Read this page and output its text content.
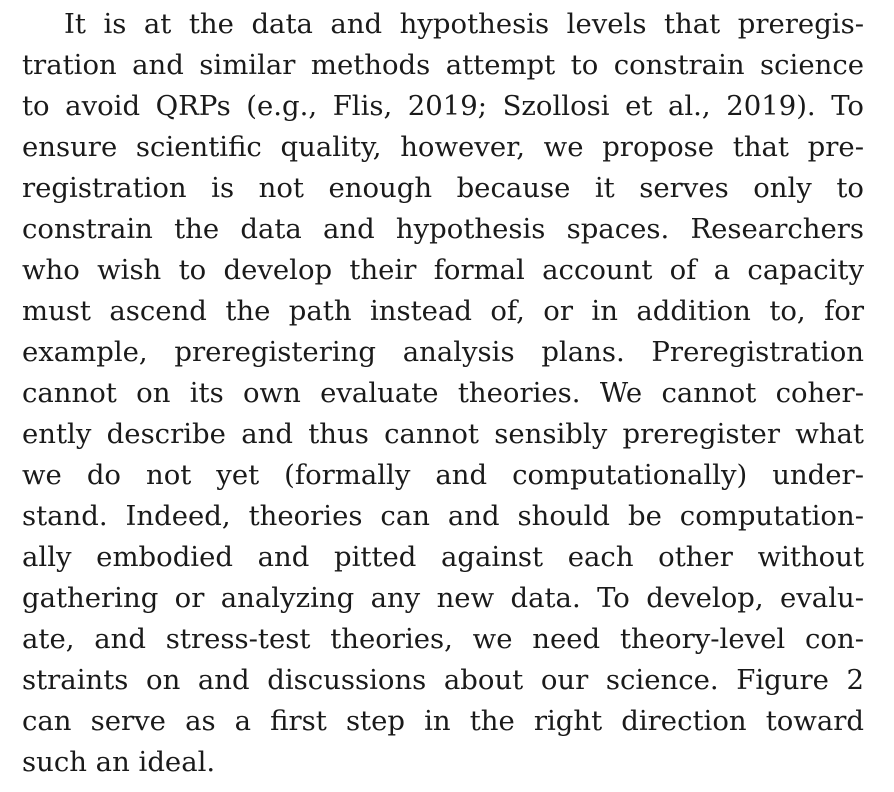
It is at the data and hypothesis levels that preregis-
tration and similar methods attempt to constrain science
to avoid QRPs (e.g., Flis, 2019; Szollosi et al., 2019). To
ensure scientific quality, however, we propose that pre-
registration is not enough because it serves only to
constrain the data and hypothesis spaces. Researchers
who wish to develop their formal account of a capacity
must ascend the path instead of, or in addition to, for
example, preregistering analysis plans. Preregistration
cannot on its own evaluate theories. We cannot coher-
ently describe and thus cannot sensibly preregister what
we do not yet (formally and computationally) under-
stand. Indeed, theories can and should be computation-
ally embodied and pitted against each other without
gathering or analyzing any new data. To develop, evalu-
ate, and stress-test theories, we need theory-level con-
straints on and discussions about our science. Figure 2
can serve as a first step in the right direction toward
such an ideal.
